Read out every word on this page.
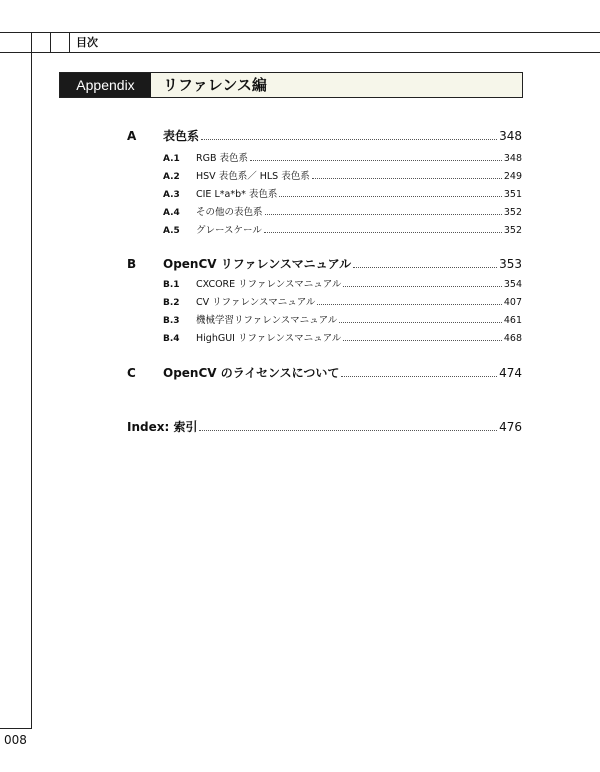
目次
008
Appendix	リファレンス編
A	表色系	348
A.1	RGB 表色系	348
A.2	HSV 表色系／ HLS 表色系	249
A.3	CIE L*a*b* 表色系	351
A.4	その他の表色系	352
A.5	グレースケール	352
B	OpenCV リファレンスマニュアル	353
B.1	CXCORE リファレンスマニュアル	354
B.2	CV リファレンスマニュアル	407
B.3	機械学習リファレンスマニュアル	461
B.4	HighGUI リファレンスマニュアル	468
C	OpenCV のライセンスについて	474
Index: 索引	476
